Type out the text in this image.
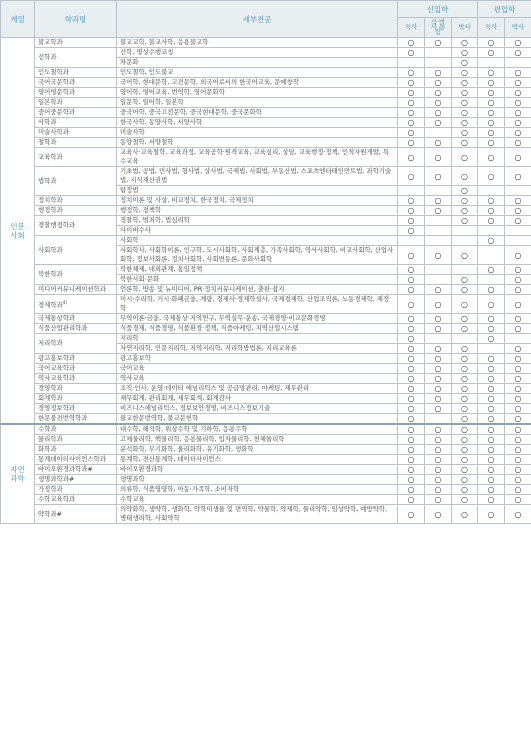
계열	학과명	세부전공	신입학			편입학	
			석사	석·박사 통합	박사	석사	박사
인문
사회	불교학과	불교교학, 불교사학, 응용불교학	○	○	○	○	○
	선학과	선학, 명상수행코칭	○		○	○	○
		차문화			○		
	인도철학과	인도철학, 인도불교	○	○	○	○	○
	국어국문학과	국어학, 현대문학, 고전문학, 외국어로서의 한국어교육, 문예창작	○	○	○	○	○
	영어영문학과	영어학, 영어교육, 번역학, 영어문화학	○	○	○	○	○
	일본학과	일문학, 일어학, 일본학	○	○	○	○	○
	중어중문학과	중국어학, 중국고전문학, 중국현대문학, 중국문화학	○	○	○	○	○
	사학과	한국사학, 동양사학, 서양사학	○	○	○	○	○
	미술사학과	미술사학	○		○	○	○
	철학과	동양철학, 서양철학	○	○	○	○	○
	교육학과	교육사·교육철학, 교육과정, 교육공학·원격교육, 교육심리, 상담, 교육행정·정책, 인적자원개발, 특수교육	○	○	○	○	○
	법학과	기초법, 공법, 민사법, 형사법, 상사법, 국제법, 사회법, 부동산법, 스포츠엔터테인먼트법, 과학기술법, 지식재산권법	○	○	○	○	○
		탐정법			○		
	정치학과	정치이론 및 사상, 비교정치, 한국정치, 국제정치	○	○	○	○	○
	행정학과	행정학, 정책학	○	○	○	○	○
	경찰행정학과	경찰학, 범죄학, 법심리학	○		○	○	○
		사이버수사	○				
	사회학과	사회학				○	
		사회학사, 사회학이론, 인구학, 도시사회학, 사회계층, 가족사회학, 역사사회학, 비교사회학, 산업사회학, 정보사회론, 정치사회학, 사회변동론, 문화사회학	○	○	○		○
	북한학과	북한체제, 대외관계, 통일정책	○			○	○
		북한사회·문화	○		○		○
	미디어커뮤니케이션학과	언론학, 방송 및 뉴미디어, PR·정치커뮤니케이션, 출판·잡지	○	○	○	○	○
	경제학과$^{4)}$	미시·수리학, 거시·화폐금융, 계량, 경제사·경제학설사, 국제경제학, 산업조직론, 노동경제학, 재정학	○	○	○	○	○
	국제통상학과	무역이론·금융, 국제통상·지역연구, 무역실무·운송, 국제경영·비교문화경영	○	○	○	○	○
	식품산업관리학과	식품경제, 식품경영, 식품환경·정책, 식품마케팅, 지역산업시스템	○	○	○	○	○
	지리학과	지리학	○			○	
		자연지리학, 인문지리학, 지역지리학, 지리학방법론, 지리교육론	○	○	○		○
	광고홍보학과	광고홍보학	○	○	○	○	○
	국어교육학과	국어교육	○	○	○	○	○
	역사교육학과	역사교육	○	○	○	○	○
	경영학과	조직·인사, 운영·데이터 애널리틱스 및 공급망관리, 마케팅, 재무관리	○	○	○	○	○
	회계학과	재무회계, 관리회계, 세무회계, 회계감사	○	○	○	○	○
	경영정보학과	비즈니스애널리틱스, 정보보안경영, 비즈니스정보기술	○	○	○	○	○
	한문불전번역학과	불교한문번역학, 불교문헌학	○		○	○	○
자연
과학	수학과	대수학, 해석학, 위상수학 및 기하학, 응용수학	○	○	○	○	○
	물리학과	고체물리학, 핵물리학, 응용물리학, 입자물리학, 천체물리학	○	○	○	○	○
	화학과	분석화학, 무기화학, 물리화학, 유기화학, 생화학	○	○	○	○	○
	통계데이터사이언스학과	통계학, 전산통계학, 데이터사이언스	○	○	○	○	○
	바이오환경과학과#	바이오환경과학	○	○	○	○	○
	생명과학과#	생명과학	○	○	○	○	○
	가정학과	의류학, 식품영양학, 아동·가족학, 소비자학	○	○	○	○	○
	수학교육학과	수학교육	○	○	○	○	○
	약학과#	의약화학, 생약학, 생화학, 약학미생물 및 면역학, 약물학, 약제학, 물리약학, 임상약학, 예방약학, 병태생리학, 사회약학	○	○	○	○	○
